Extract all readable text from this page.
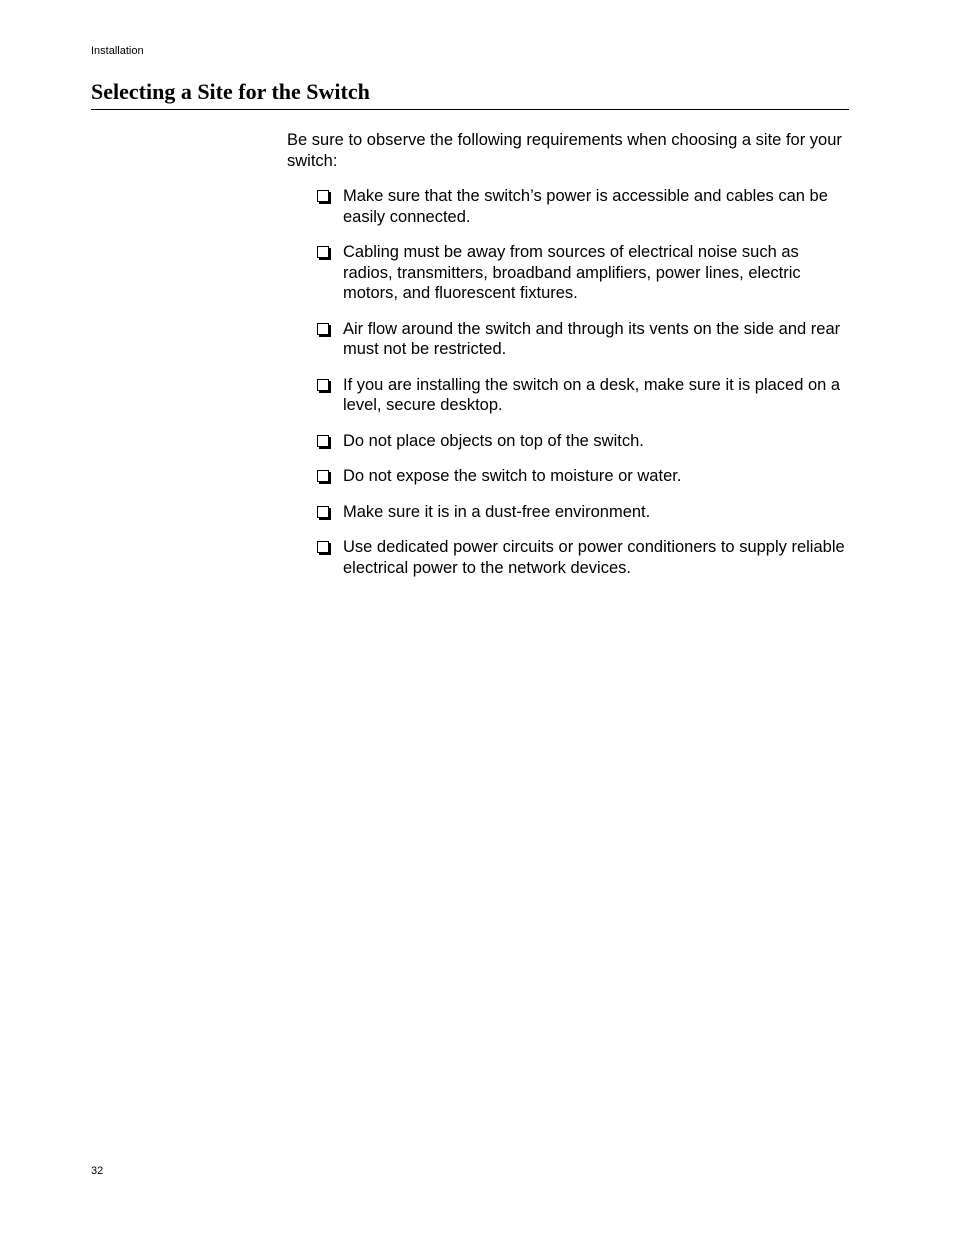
Installation
Selecting a Site for the Switch

Be sure to observe the following requirements when choosing a site for your switch:

Make sure that the switch’s power is accessible and cables can be easily connected.
Cabling must be away from sources of electrical noise such as radios, transmitters, broadband amplifiers, power lines, electric motors, and fluorescent fixtures.
Air flow around the switch and through its vents on the side and rear must not be restricted.
If you are installing the switch on a desk, make sure it is placed on a level, secure desktop.
Do not place objects on top of the switch.
Do not expose the switch to moisture or water.
Make sure it is in a dust-free environment.
Use dedicated power circuits or power conditioners to supply reliable electrical power to the network devices.
32
